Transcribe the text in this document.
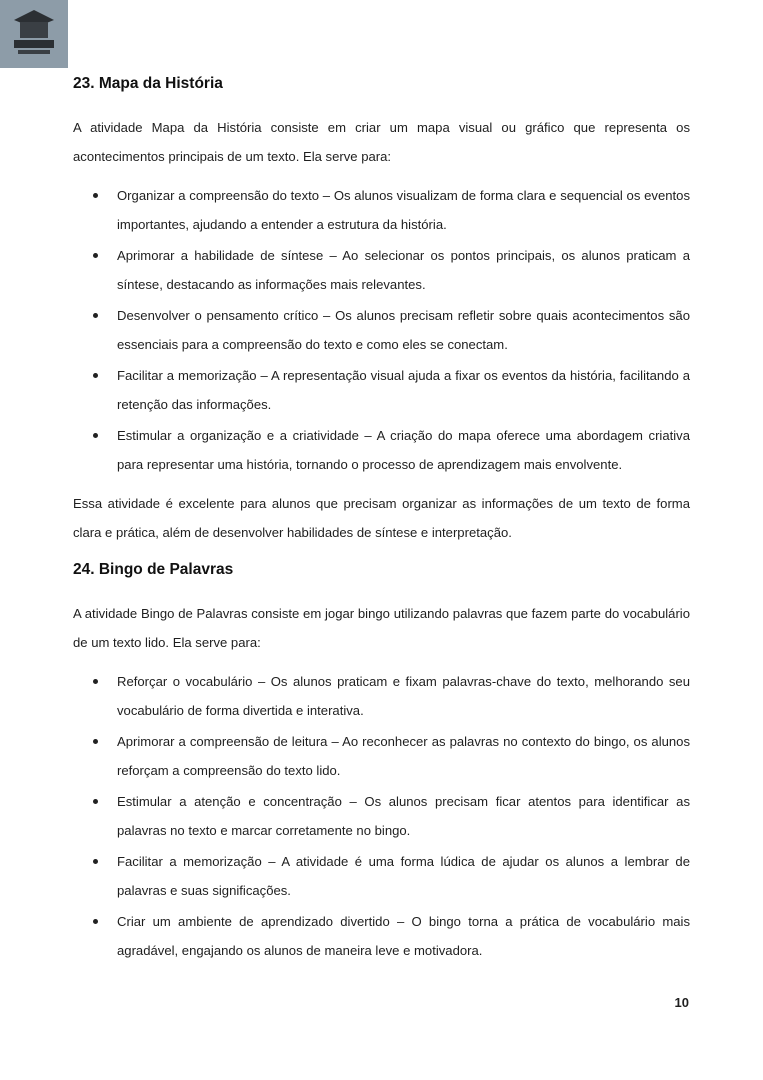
23. Mapa da História

A atividade Mapa da História consiste em criar um mapa visual ou gráfico que representa os acontecimentos principais de um texto. Ela serve para:

Organizar a compreensão do texto – Os alunos visualizam de forma clara e sequencial os eventos importantes, ajudando a entender a estrutura da história.
Aprimorar a habilidade de síntese – Ao selecionar os pontos principais, os alunos praticam a síntese, destacando as informações mais relevantes.
Desenvolver o pensamento crítico – Os alunos precisam refletir sobre quais acontecimentos são essenciais para a compreensão do texto e como eles se conectam.
Facilitar a memorização – A representação visual ajuda a fixar os eventos da história, facilitando a retenção das informações.
Estimular a organização e a criatividade – A criação do mapa oferece uma abordagem criativa para representar uma história, tornando o processo de aprendizagem mais envolvente.

Essa atividade é excelente para alunos que precisam organizar as informações de um texto de forma clara e prática, além de desenvolver habilidades de síntese e interpretação.

24. Bingo de Palavras

A atividade Bingo de Palavras consiste em jogar bingo utilizando palavras que fazem parte do vocabulário de um texto lido. Ela serve para:

Reforçar o vocabulário – Os alunos praticam e fixam palavras-chave do texto, melhorando seu vocabulário de forma divertida e interativa.
Aprimorar a compreensão de leitura – Ao reconhecer as palavras no contexto do bingo, os alunos reforçam a compreensão do texto lido.
Estimular a atenção e concentração – Os alunos precisam ficar atentos para identificar as palavras no texto e marcar corretamente no bingo.
Facilitar a memorização – A atividade é uma forma lúdica de ajudar os alunos a lembrar de palavras e suas significações.
Criar um ambiente de aprendizado divertido – O bingo torna a prática de vocabulário mais agradável, engajando os alunos de maneira leve e motivadora.
10
